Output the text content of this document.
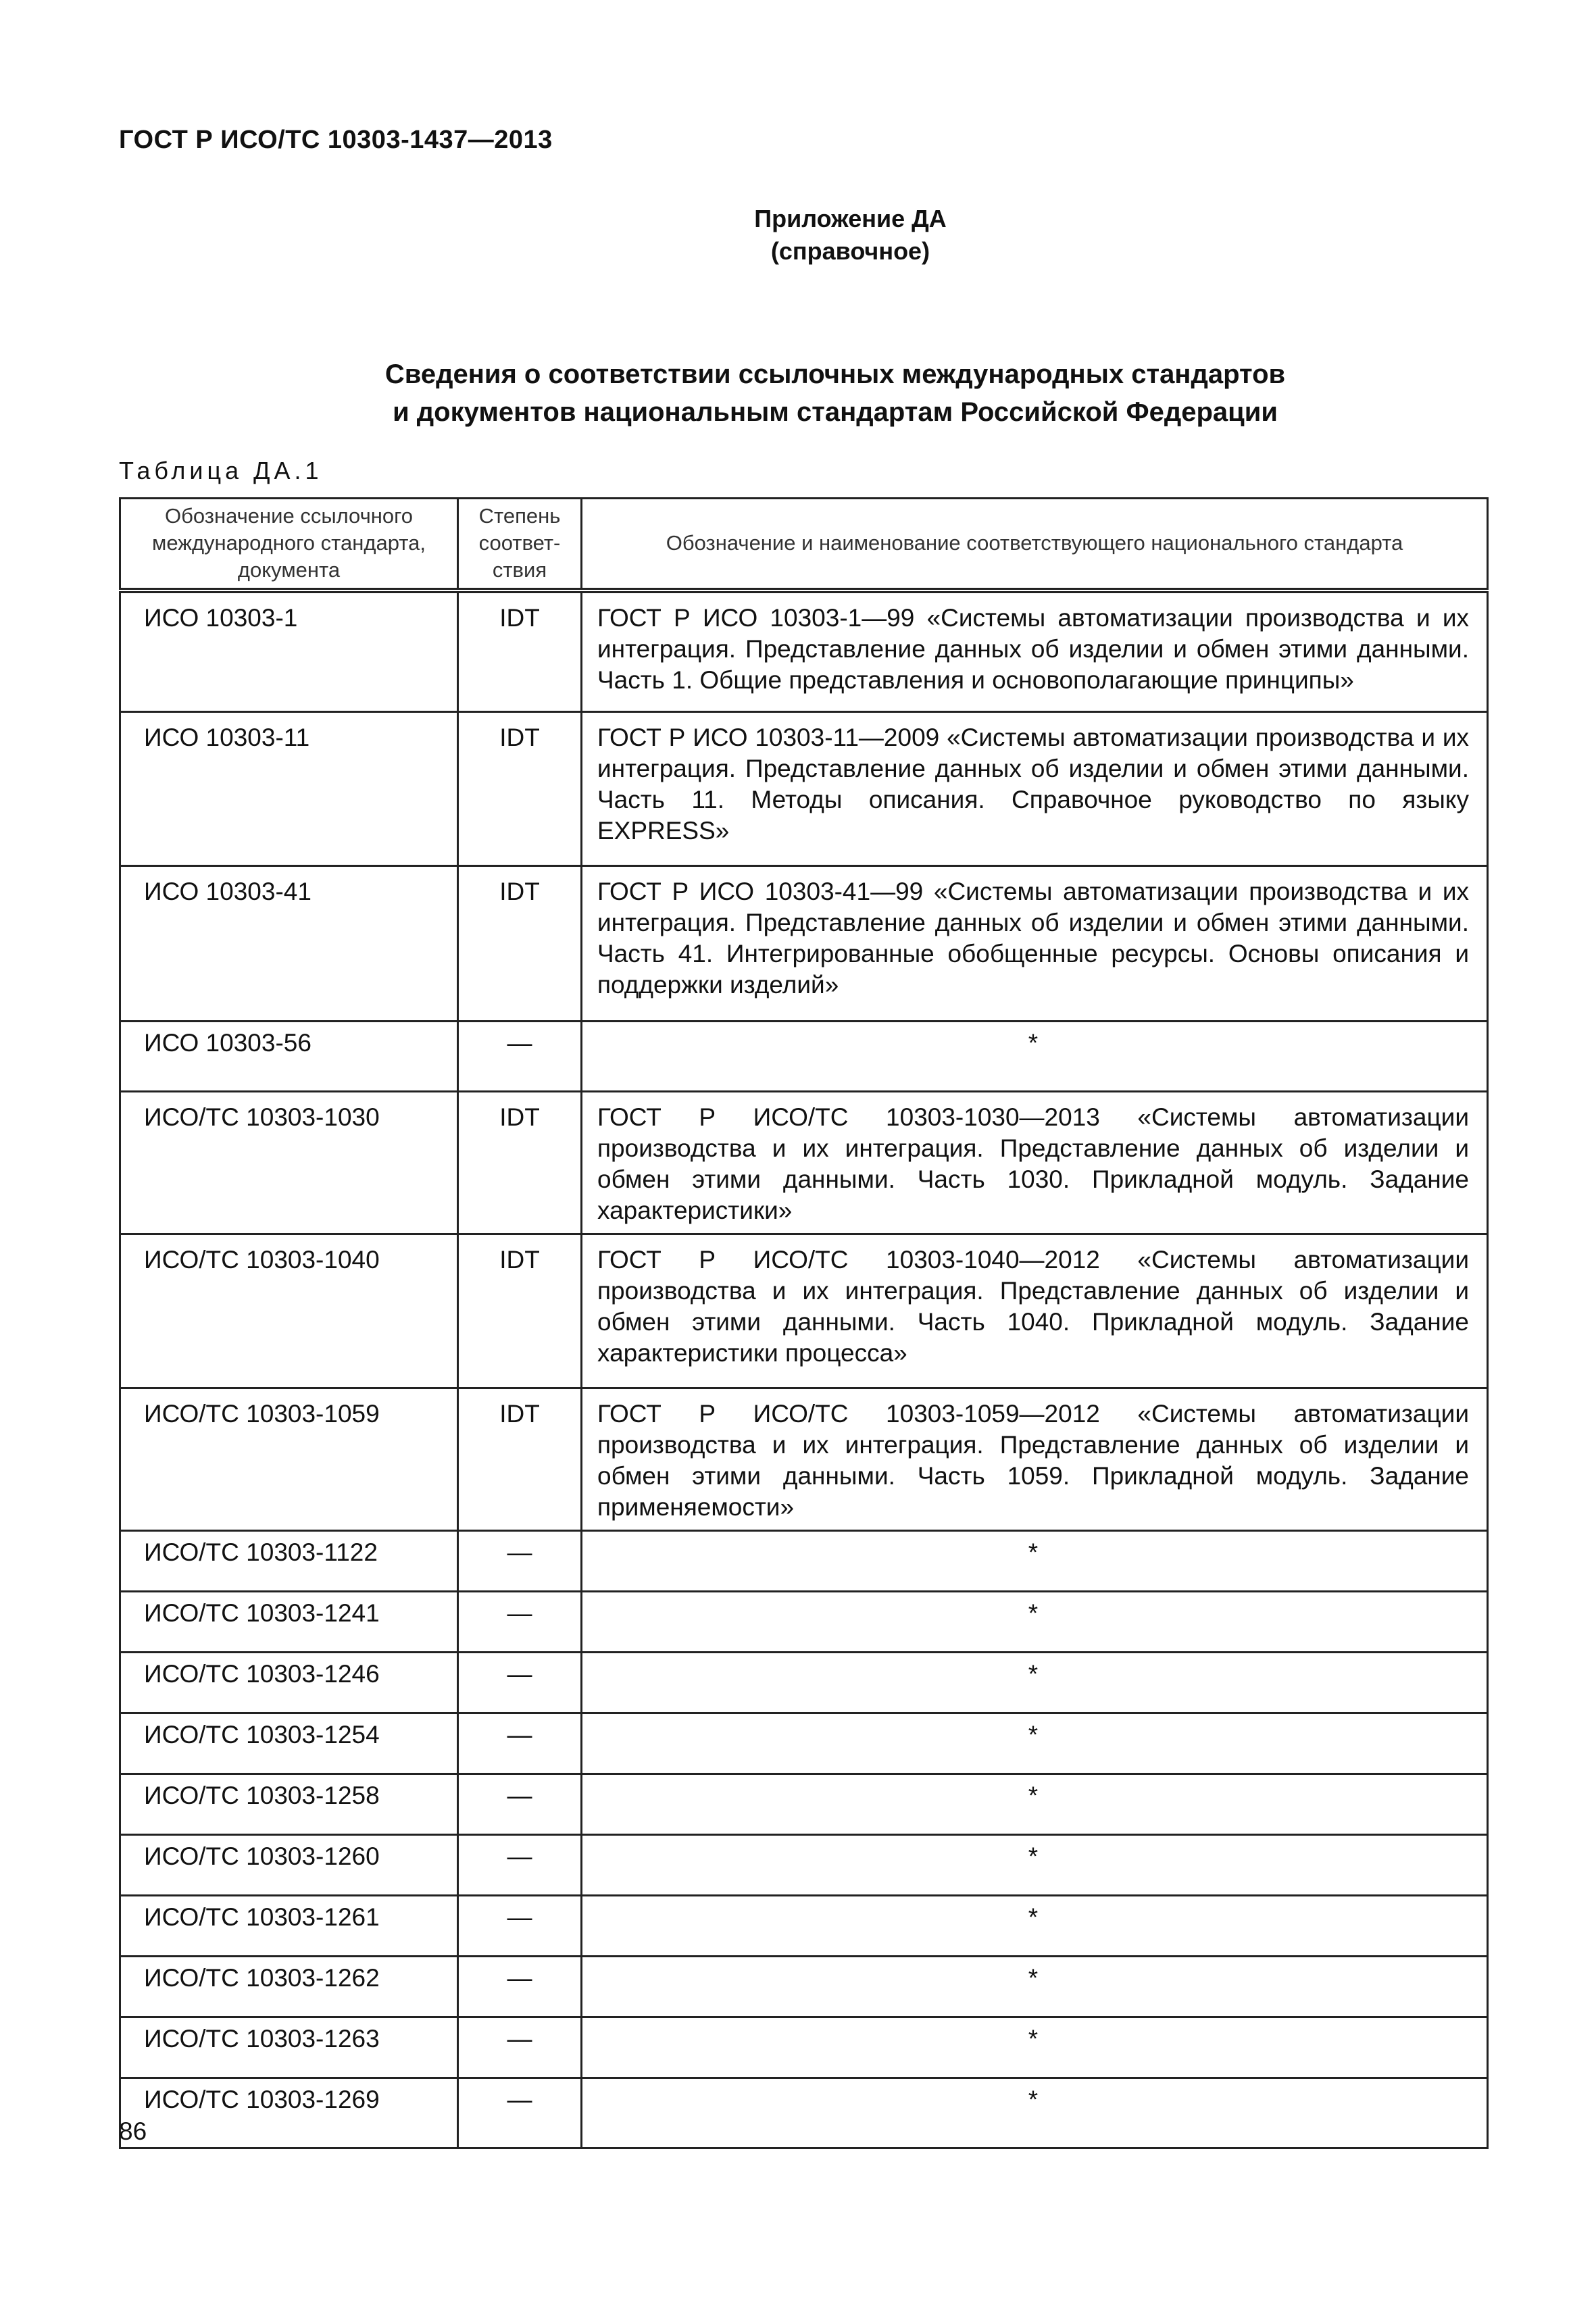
ГОСТ Р ИСО/ТС 10303-1437—2013
Приложение ДА
(справочное)
Сведения о соответствии ссылочных международных стандартов
и документов национальным стандартам Российской Федерации
Таблица ДА.1
Обозначение ссылочного международного стандарта, документа	Степень соответ-ствия	Обозначение и наименование соответствующего национального стандарта
ИСО 10303-1	IDT	ГОСТ Р ИСО 10303-1—99 «Системы автоматизации производства и их интеграция. Представление данных об изделии и обмен этими данными. Часть 1. Общие представления и основополагающие принципы»
ИСО 10303-11	IDT	ГОСТ Р ИСО 10303-11—2009 «Системы автоматизации производства и их интеграция. Представление данных об изделии и обмен этими данными. Часть 11. Методы описания. Справочное руководство по языку EXPRESS»
ИСО 10303-41	IDT	ГОСТ Р ИСО 10303-41—99 «Системы автоматизации производства и их интеграция. Представление данных об изделии и обмен этими данными. Часть 41. Интегрированные обобщенные ресурсы. Основы описания и поддержки изделий»
ИСО 10303-56	—	*
ИСО/ТС 10303-1030	IDT	ГОСТ Р ИСО/ТС 10303-1030—2013 «Системы автоматизации производства и их интеграция. Представление данных об изделии и обмен этими данными. Часть 1030. Прикладной модуль. Задание характеристики»
ИСО/ТС 10303-1040	IDT	ГОСТ Р ИСО/ТС 10303-1040—2012 «Системы автоматизации производства и их интеграция. Представление данных об изделии и обмен этими данными. Часть 1040. Прикладной модуль. Задание характеристики процесса»
ИСО/ТС 10303-1059	IDT	ГОСТ Р ИСО/ТС 10303-1059—2012 «Системы автоматизации производства и их интеграция. Представление данных об изделии и обмен этими данными. Часть 1059. Прикладной модуль. Задание применяемости»
ИСО/ТС 10303-1122	—	*
ИСО/ТС 10303-1241	—	*
ИСО/ТС 10303-1246	—	*
ИСО/ТС 10303-1254	—	*
ИСО/ТС 10303-1258	—	*
ИСО/ТС 10303-1260	—	*
ИСО/ТС 10303-1261	—	*
ИСО/ТС 10303-1262	—	*
ИСО/ТС 10303-1263	—	*
ИСО/ТС 10303-1269	—	*
86
